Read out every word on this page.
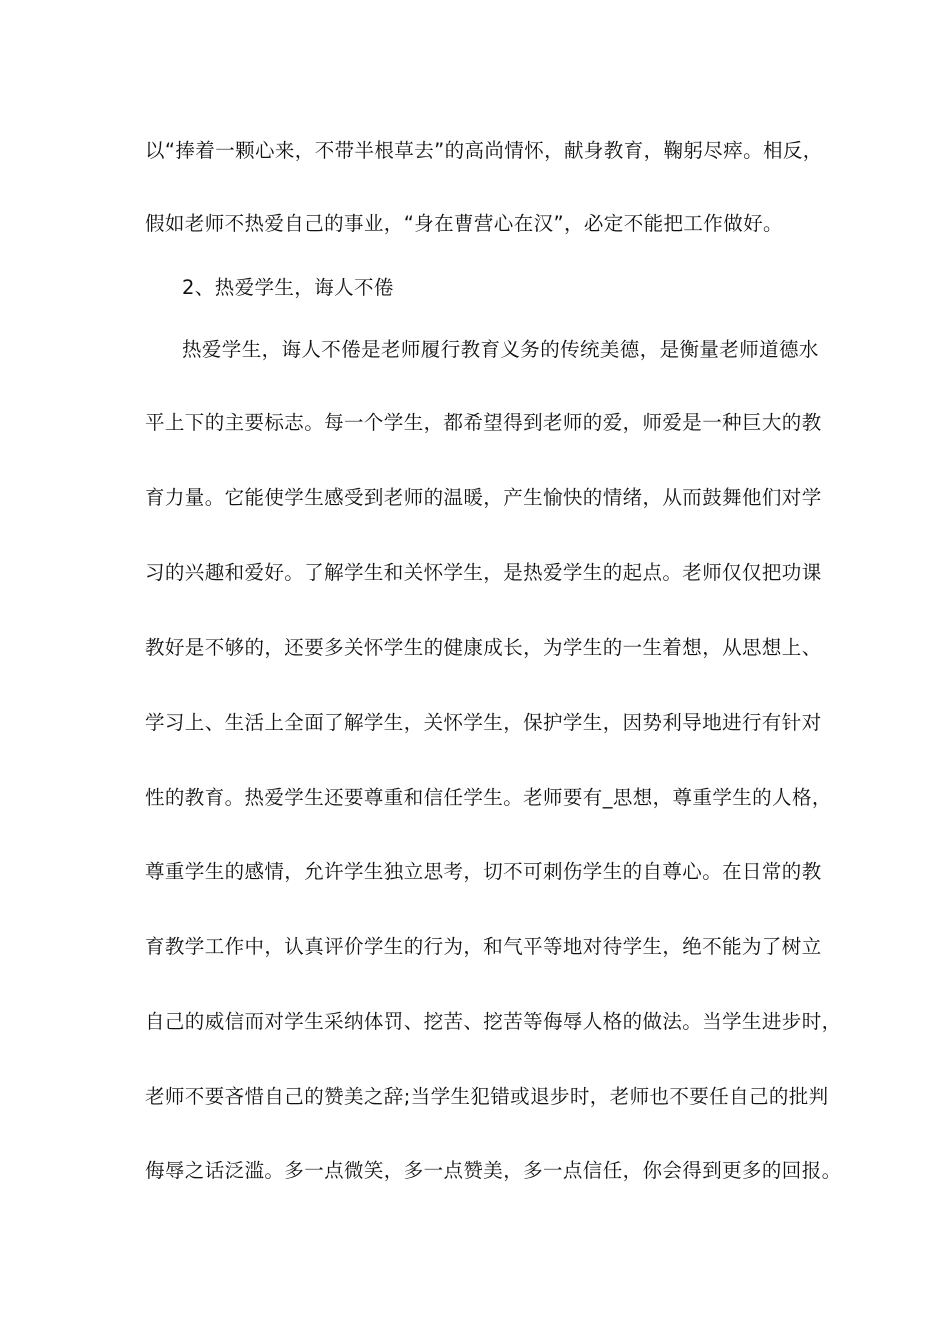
以“捧着一颗心来，不带半根草去”的高尚情怀，献身教育，鞠躬尽瘁。相反，
假如老师不热爱自己的事业，“身在曹营心在汉”，必定不能把工作做好。
2、热爱学生，诲人不倦
热爱学生，诲人不倦是老师履行教育义务的传统美德，是衡量老师道德水
平上下的主要标志。每一个学生，都希望得到老师的爱，师爱是一种巨大的教
育力量。它能使学生感受到老师的温暖，产生愉快的情绪，从而鼓舞他们对学
习的兴趣和爱好。了解学生和关怀学生，是热爱学生的起点。老师仅仅把功课
教好是不够的，还要多关怀学生的健康成长，为学生的一生着想，从思想上、
学习上、生活上全面了解学生，关怀学生，保护学生，因势利导地进行有针对
性的教育。热爱学生还要尊重和信任学生。老师要有_思想，尊重学生的人格，
尊重学生的感情，允许学生独立思考，切不可刺伤学生的自尊心。在日常的教
育教学工作中，认真评价学生的行为，和气平等地对待学生，绝不能为了树立
自己的威信而对学生采纳体罚、挖苦、挖苦等侮辱人格的做法。当学生进步时，
老师不要吝惜自己的赞美之辞;当学生犯错或退步时，老师也不要任自己的批判
侮辱之话泛滥。多一点微笑，多一点赞美，多一点信任，你会得到更多的回报。
